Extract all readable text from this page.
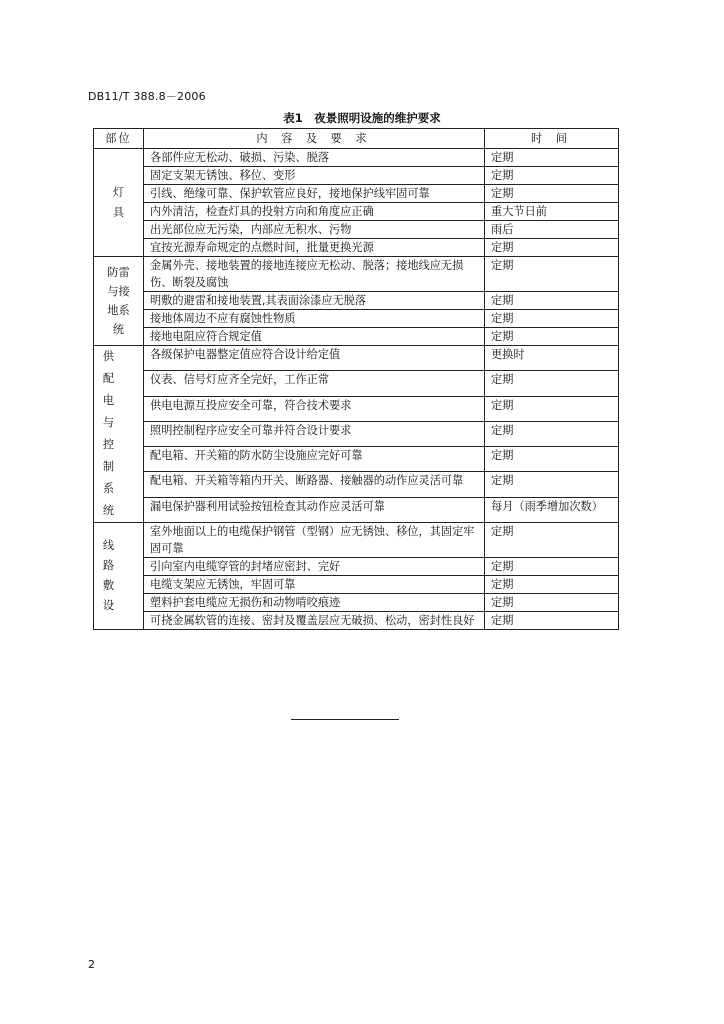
DB11/T 388.8－2006
表1　夜景照明设施的维护要求
部位	内 容 及 要 求	时 间

灯具	各部件应无松动、破损、污染、脱落	定期
	固定支架无锈蚀、移位、变形	定期
	引线、绝缘可靠、保护软管应良好，接地保护线牢固可靠	定期
	内外清洁，检查灯具的投射方向和角度应正确	重大节日前
	出光部位应无污染，内部应无积水、污物	雨后
	宜按光源寿命规定的点燃时间，批量更换光源	定期

防雷与接地系统	金属外壳、接地装置的接地连接应无松动、脱落；接地线应无损伤、断裂及腐蚀	定期
	明敷的避雷和接地装置,其表面涂漆应无脱落	定期
	接地体周边不应有腐蚀性物质	定期
	接地电阻应符合规定值	定期

供配电与控制系统	各级保护电器整定值应符合设计给定值	更换时
	仪表、信号灯应齐全完好，工作正常	定期
	供电电源互投应安全可靠，符合技术要求	定期
	照明控制程序应安全可靠并符合设计要求	定期
	配电箱、开关箱的防水防尘设施应完好可靠	定期
	配电箱、开关箱等箱内开关、断路器、接触器的动作应灵活可靠	定期
	漏电保护器利用试验按钮检查其动作应灵活可靠	每月（雨季增加次数）

线路敷设	室外地面以上的电缆保护钢管（型钢）应无锈蚀、移位，其固定牢固可靠	定期
	引向室内电缆穿管的封堵应密封、完好	定期
	电缆支架应无锈蚀，牢固可靠	定期
	塑料护套电缆应无损伤和动物啃咬痕迹	定期
	可挠金属软管的连接、密封及覆盖层应无破损、松动，密封性良好	定期
2
